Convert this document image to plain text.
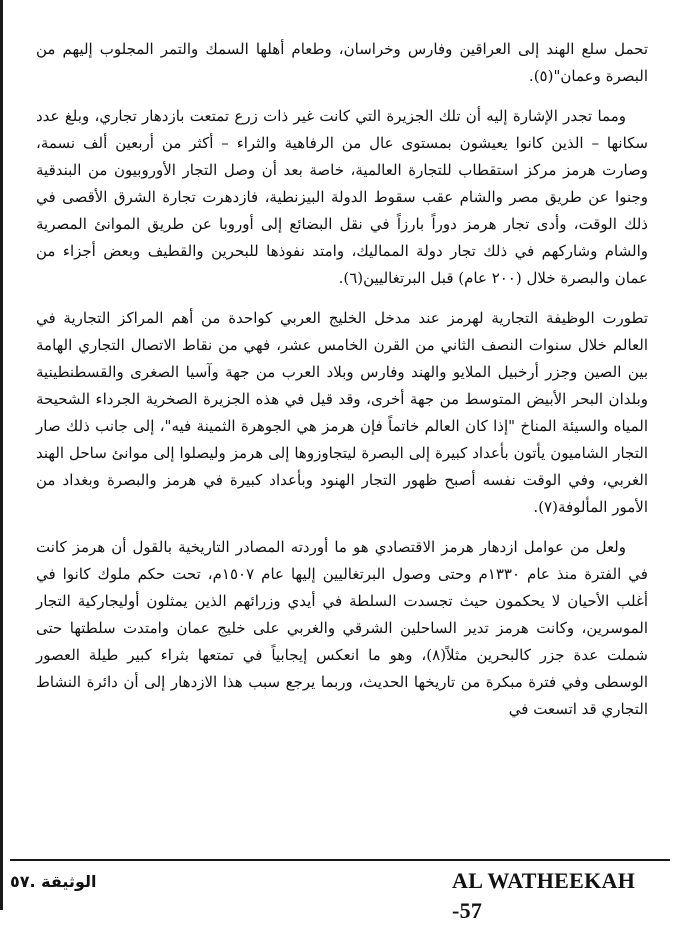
تحمل سلع الهند إلى العراقين وفارس وخراسان، وطعام أهلها السمك والتمر المجلوب إليهم من البصرة وعمان"(٥).

ومما تجدر الإشارة إليه أن تلك الجزيرة التي كانت غير ذات زرع تمتعت بازدهار تجاري، وبلغ عدد سكانها – الذين كانوا يعيشون بمستوى عال من الرفاهية والثراء – أكثر من أربعين ألف نسمة، وصارت هرمز مركز استقطاب للتجارة العالمية، خاصة بعد أن وصل التجار الأوروبيون من البندقية وجنوا عن طريق مصر والشام عقب سقوط الدولة البيزنطية، فازدهرت تجارة الشرق الأقصى في ذلك الوقت، وأدى تجار هرمز دوراً بارزاً في نقل البضائع إلى أوروبا عن طريق الموانئ المصرية والشام وشاركهم في ذلك تجار دولة المماليك، وامتد نفوذها للبحرين والقطيف وبعض أجزاء من عمان والبصرة خلال (٢٠٠ عام) قبل البرتغاليين(٦).

تطورت الوظيفة التجارية لهرمز عند مدخل الخليج العربي كواحدة من أهم المراكز التجارية في العالم خلال سنوات النصف الثاني من القرن الخامس عشر، فهي من نقاط الاتصال التجاري الهامة بين الصين وجزر أرخبيل الملايو والهند وفارس وبلاد العرب من جهة وآسيا الصغرى والقسطنطينية وبلدان البحر الأبيض المتوسط من جهة أخرى، وقد قيل في هذه الجزيرة الصخرية الجرداء الشحيحة المياه والسيئة المناخ "إذا كان العالم خاتماً فإن هرمز هي الجوهرة الثمينة فيه"، إلى جانب ذلك صار التجار الشاميون يأتون بأعداد كبيرة إلى البصرة ليتجاوزوها إلى هرمز وليصلوا إلى موانئ ساحل الهند الغربي، وفي الوقت نفسه أصبح ظهور التجار الهنود وبأعداد كبيرة في هرمز والبصرة وبغداد من الأمور المألوفة(٧).

ولعل من عوامل ازدهار هرمز الاقتصادي هو ما أوردته المصادر التاريخية بالقول أن هرمز كانت في الفترة منذ عام ١٣٣٠م وحتى وصول البرتغاليين إليها عام ١٥٠٧م، تحت حكم ملوك كانوا في أغلب الأحيان لا يحكمون حيث تجسدت السلطة في أيدي وزرائهم الذين يمثلون أوليجاركية التجار الموسرين، وكانت هرمز تدير الساحلين الشرقي والغربي على خليج عمان وامتدت سلطتها حتى شملت عدة جزر كالبحرين مثلاً(٨)، وهو ما انعكس إيجابياً في تمتعها بثراء كبير طيلة العصور الوسطى وفي فترة مبكرة من تاريخها الحديث، وربما يرجع سبب هذا الازدهار إلى أن دائرة النشاط التجاري قد اتسعت في

AL WATHEEKAH -57
الوثيقة .٥٧
